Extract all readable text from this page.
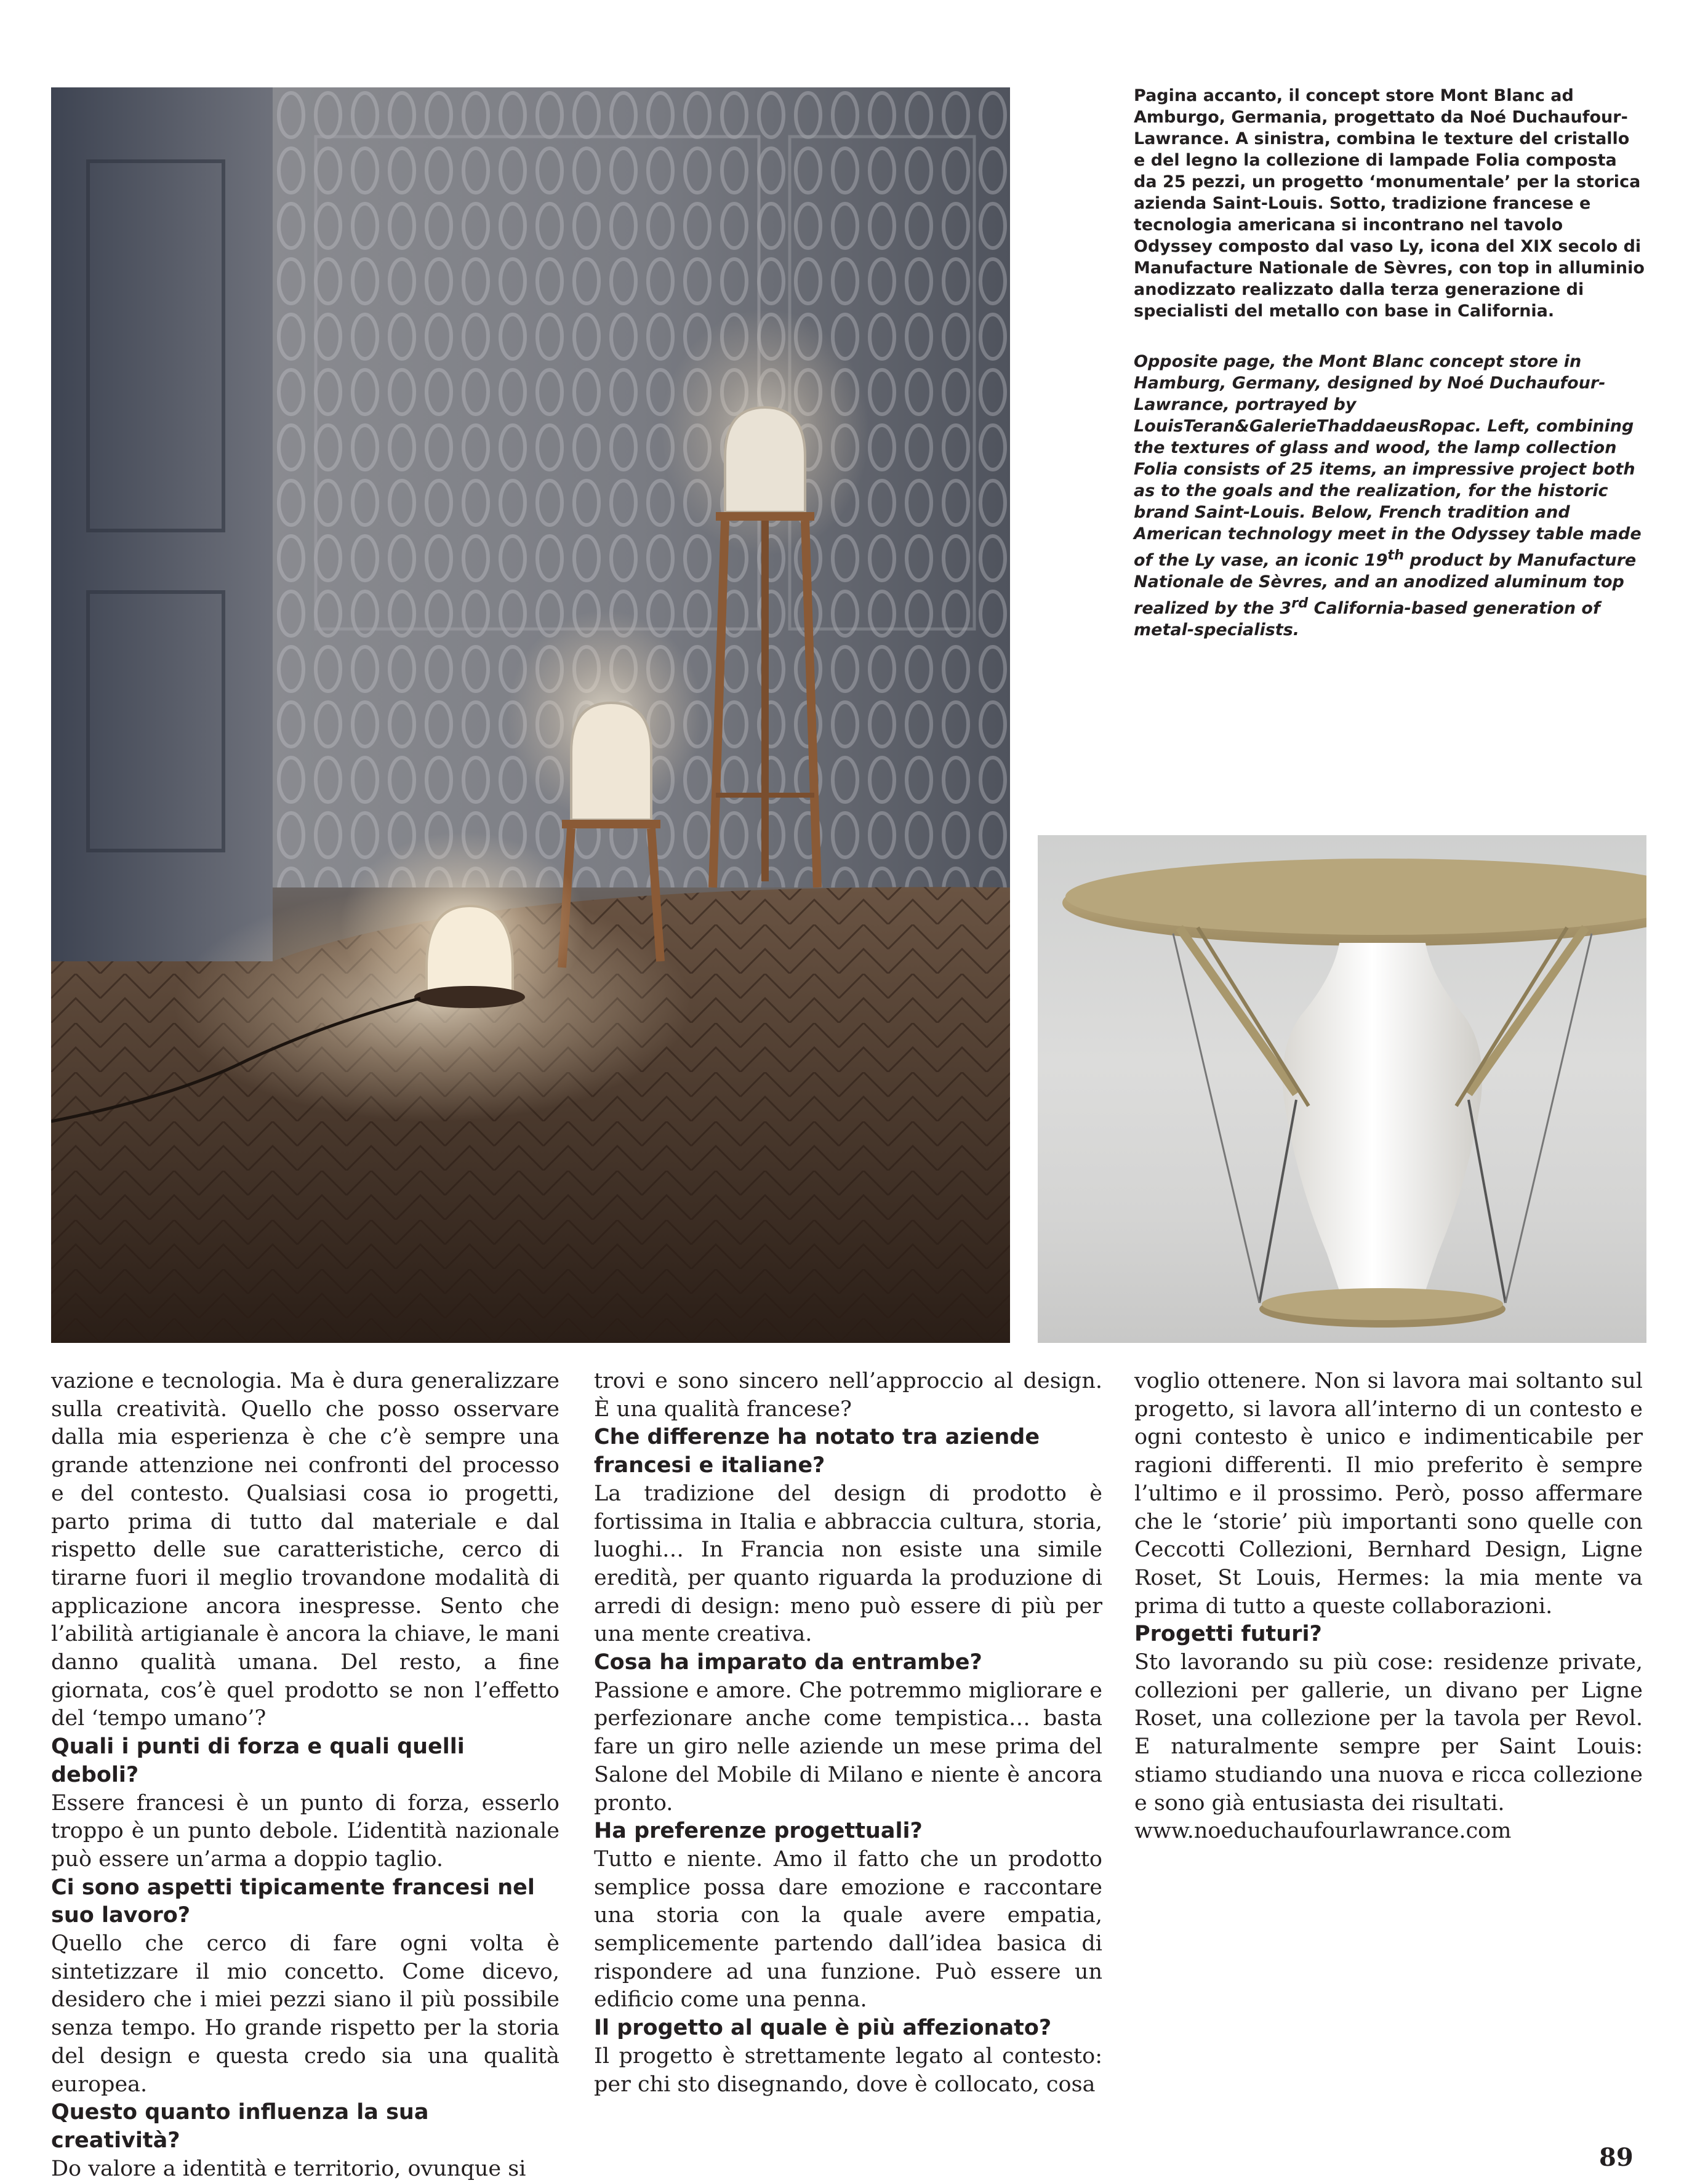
Pagina accanto, il concept store Mont Blanc ad Amburgo, Germania, progettato da Noé Duchaufour-Lawrance. A sinistra, combina le texture del cristallo e del legno la collezione di lampade Folia composta da 25 pezzi, un progetto ‘monumentale’ per la storica azienda Saint-Louis. Sotto, tradizione francese e tecnologia americana si incontrano nel tavolo Odyssey composto dal vaso Ly, icona del XIX secolo di Manufacture Nationale de Sèvres, con top in alluminio anodizzato realizzato dalla terza generazione di specialisti del metallo con base in California.

Opposite page, the Mont Blanc concept store in Hamburg, Germany, designed by Noé Duchaufour-Lawrance, portrayed by LouisTeran&GalerieThaddaeusRopac. Left, combining the textures of glass and wood, the lamp collection Folia consists of 25 items, an impressive project both as to the goals and the realization, for the historic brand Saint-Louis. Below, French tradition and American technology meet in the Odyssey table made of the Ly vase, an iconic 19th product by Manufacture Nationale de Sèvres, and an anodized aluminum top realized by the 3rd California-based generation of metal-specialists.

vazione e tecnologia. Ma è dura generalizzare sulla creatività. Quello che posso osservare dalla mia esperienza è che c’è sempre una grande attenzione nei confronti del processo e del contesto. Qualsiasi cosa io progetti, parto prima di tutto dal materiale e dal rispetto delle sue caratteristiche, cerco di tirarne fuori il meglio trovandone modalità di applicazione ancora inespresse. Sento che l’abilità artigianale è ancora la chiave, le mani danno qualità umana. Del resto, a fine giornata, cos’è quel prodotto se non l’effetto del ‘tempo umano’?

Quali i punti di forza e quali quelli deboli?

Essere francesi è un punto di forza, esserlo troppo è un punto debole. L’identità nazionale può essere un’arma a doppio taglio.

Ci sono aspetti tipicamente francesi nel suo lavoro?

Quello che cerco di fare ogni volta è sintetizzare il mio concetto. Come dicevo, desidero che i miei pezzi siano il più possibile senza tempo. Ho grande rispetto per la storia del design e questa credo sia una qualità europea.

Questo quanto influenza la sua creatività?

Do valore a identità e territorio, ovunque si

trovi e sono sincero nell’approccio al design. È una qualità francese?

Che differenze ha notato tra aziende francesi e italiane?

La tradizione del design di prodotto è fortissima in Italia e abbraccia cultura, storia, luoghi… In Francia non esiste una simile eredità, per quanto riguarda la produzione di arredi di design: meno può essere di più per una mente creativa.

Cosa ha imparato da entrambe?

Passione e amore. Che potremmo migliorare e perfezionare anche come tempistica… basta fare un giro nelle aziende un mese prima del Salone del Mobile di Milano e niente è ancora pronto.

Ha preferenze progettuali?

Tutto e niente. Amo il fatto che un prodotto semplice possa dare emozione e raccontare una storia con la quale avere empatia, semplicemente partendo dall’idea basica di rispondere ad una funzione. Può essere un edificio come una penna.

Il progetto al quale è più affezionato?

Il progetto è strettamente legato al contesto: per chi sto disegnando, dove è collocato, cosa

voglio ottenere. Non si lavora mai soltanto sul progetto, si lavora all’interno di un contesto e ogni contesto è unico e indimenticabile per ragioni differenti. Il mio preferito è sempre l’ultimo e il prossimo. Però, posso affermare che le ‘storie’ più importanti sono quelle con Ceccotti Collezioni, Bernhard Design, Ligne Roset, St Louis, Hermes: la mia mente va prima di tutto a queste collaborazioni.

Progetti futuri?

Sto lavorando su più cose: residenze private, collezioni per gallerie, un divano per Ligne Roset, una collezione per la tavola per Revol. E naturalmente sempre per Saint Louis: stiamo studiando una nuova e ricca collezione e sono già entusiasta dei risultati.

www.noeduchaufourlawrance.com

89
